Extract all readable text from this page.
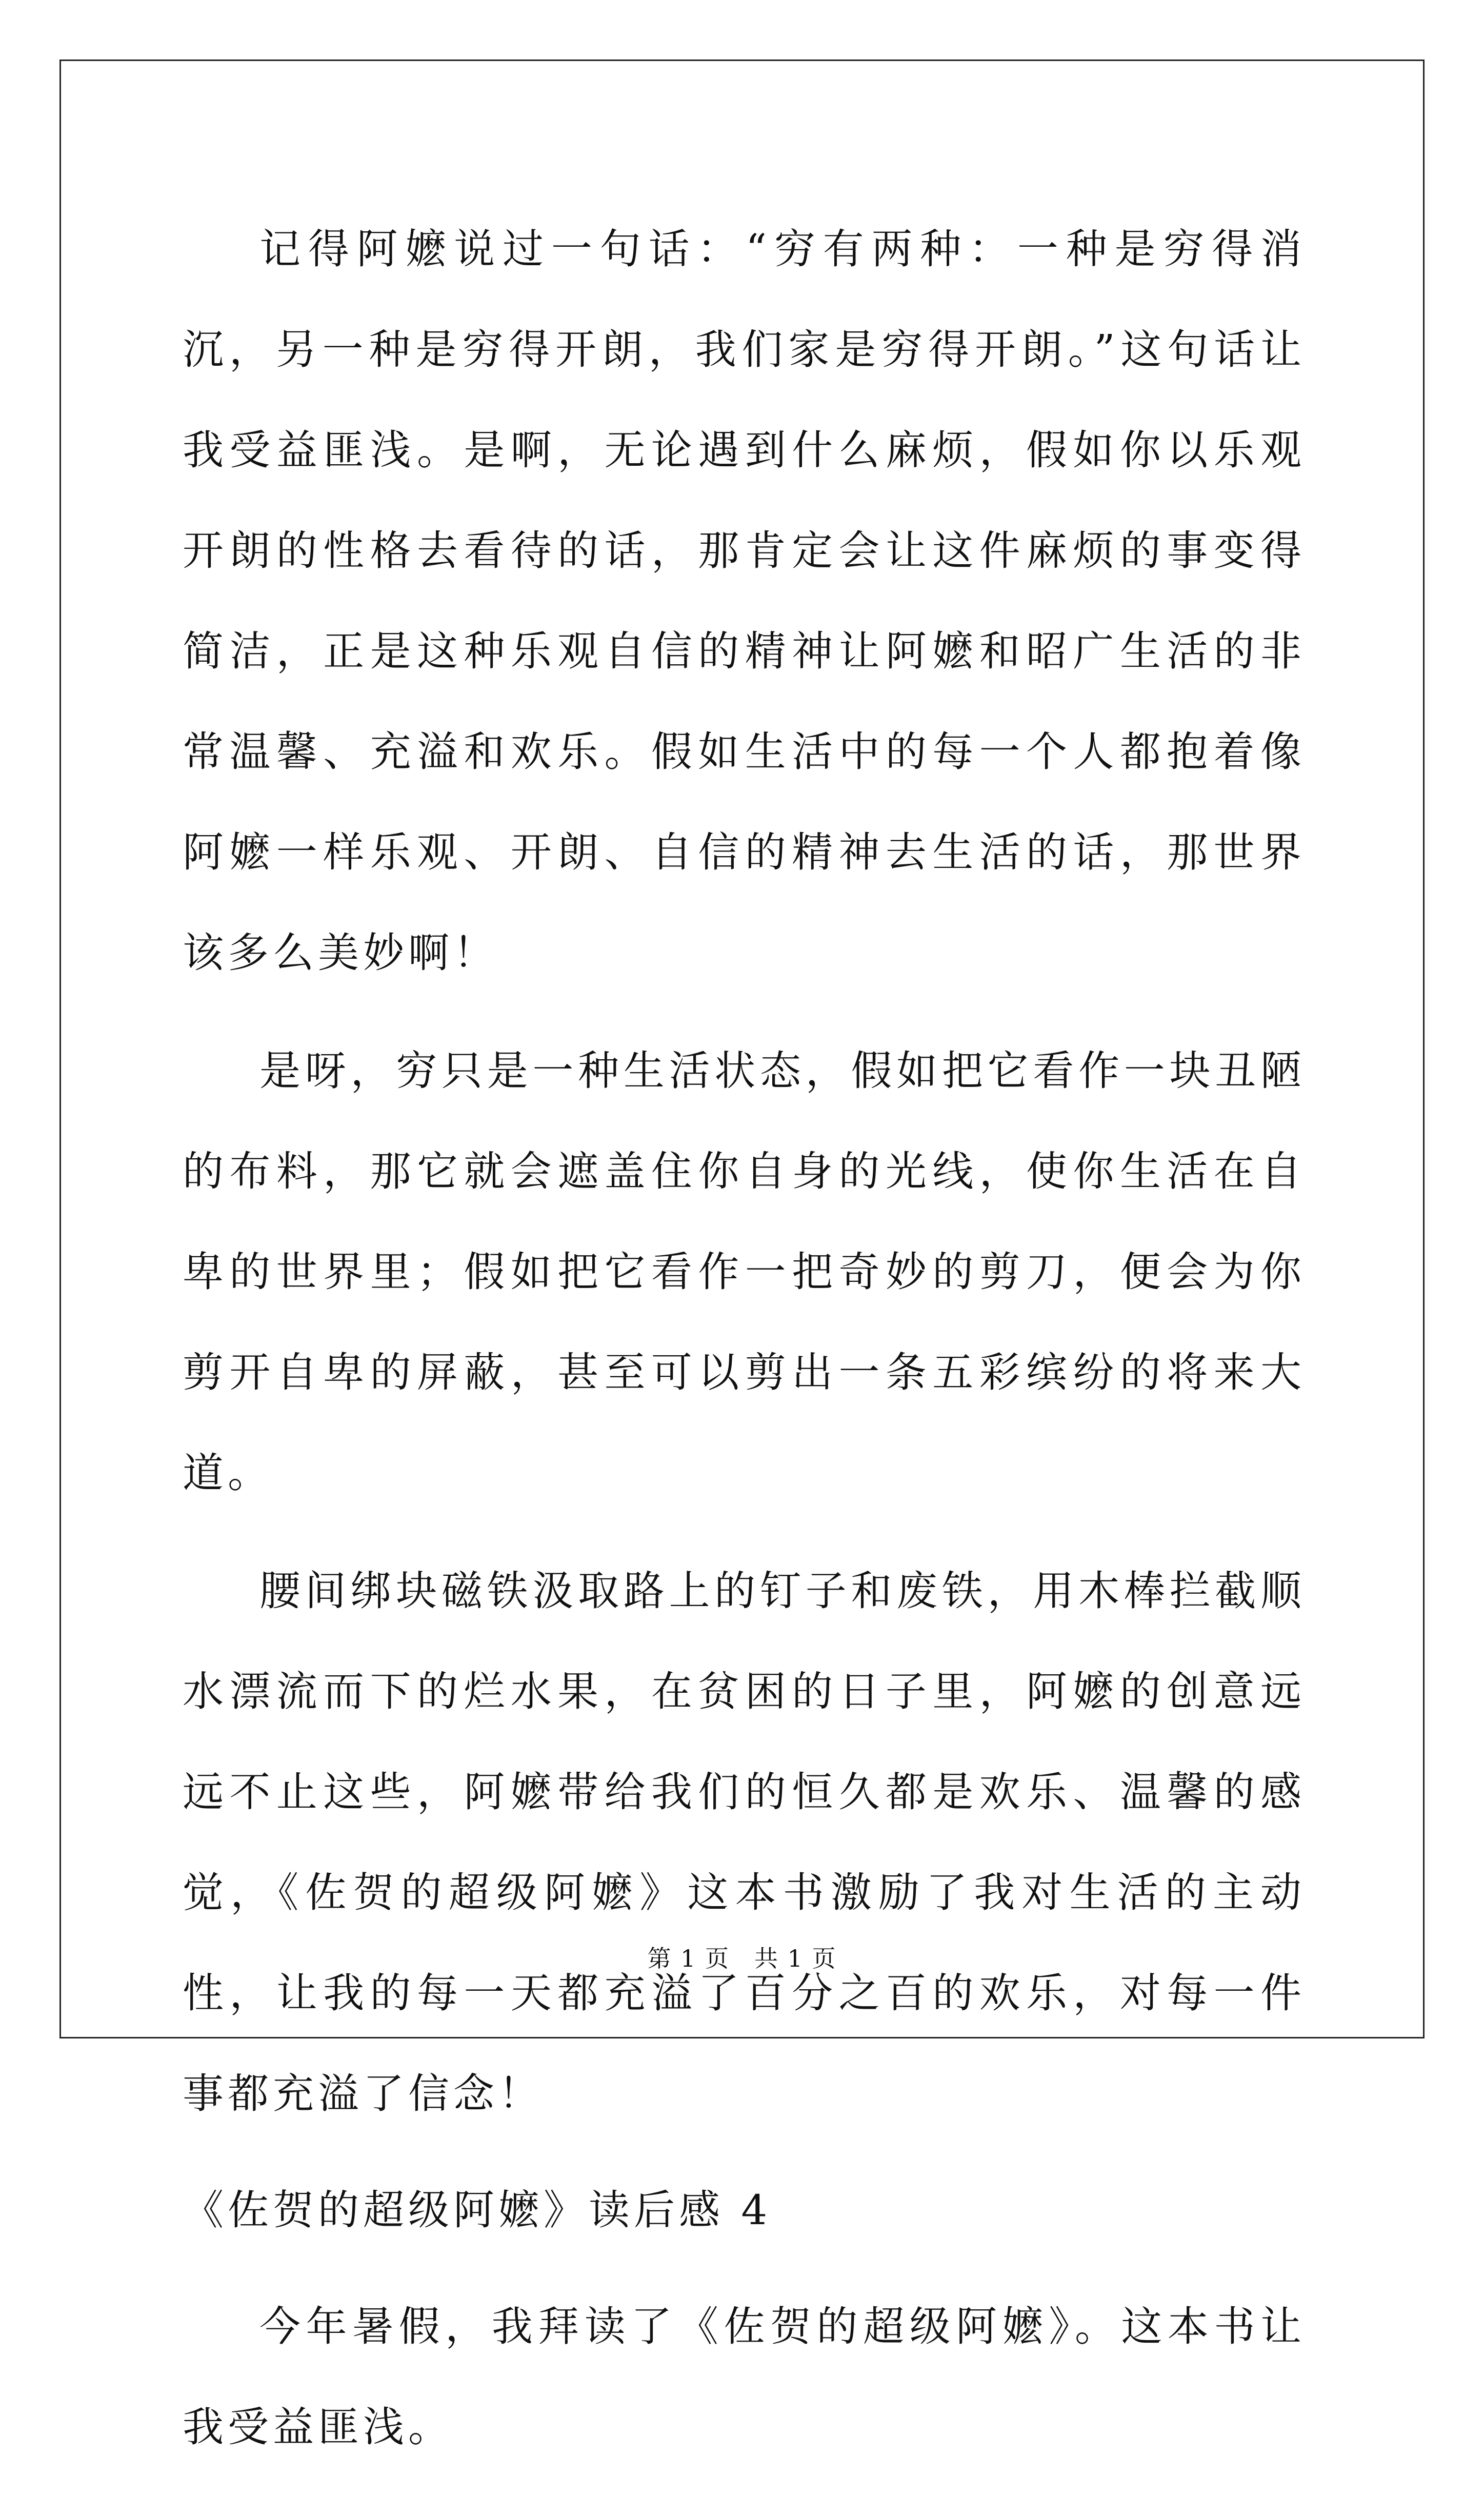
记得阿嬷说过一句话：“穷有两种：一种是穷得消沉，另一种是穷得开朗，我们家是穷得开朗。”这句话让我受益匪浅。是啊，无论遇到什么麻烦，假如你以乐观开朗的性格去看待的话，那肯定会让这件麻烦的事变得简洁，正是这种乐观自信的精神让阿嬷和昭广生活的非常温馨、充溢和欢乐。假如生活中的每一个人都抱着像阿嬷一样乐观、开朗、自信的精神去生活的话，那世界该多么美妙啊！

是呀，穷只是一种生活状态，假如把它看作一块丑陋的布料，那它就会遮盖住你自身的光线，使你生活在自卑的世界里；假如把它看作一把奇妙的剪刀，便会为你剪开自卑的屏蔽，甚至可以剪出一条五彩缤纷的将来大道。

腰间绑块磁铁汲取路上的钉子和废铁，用木棒拦截顺水漂流而下的烂水果，在贫困的日子里，阿嬷的创意远远不止这些，阿嬷带给我们的恒久都是欢乐、温馨的感觉，《佐贺的超级阿嬷》这本书激励了我对生活的主动性，让我的每一天都充溢了百分之百的欢乐，对每一件事都充溢了信念！

《佐贺的超级阿嬷》读后感 4

今年暑假，我拜读了《佐贺的超级阿嬷》。这本书让我受益匪浅。

第 1 页　共 1 页
